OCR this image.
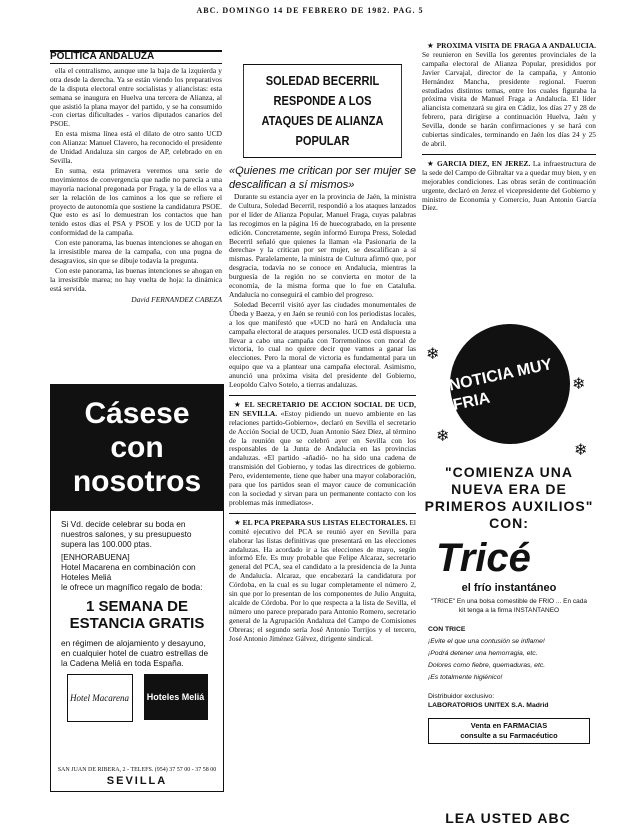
ABC. DOMINGO 14 DE FEBRERO DE 1982. PAG. 5
POLITICA ANDALUZA

ella el centralismo, aunque une la baja de la izquierda y otra desde la derecha. Ya se están viendo los preparativos de la disputa electoral entre socialistas y aliancistas: esta semana se inaugura en Huelva una tercera de Alianza, al que asistió la plana mayor del partido, y se ha consumido -con ciertas dificultades - varios diputados canarios del PSOE.

En esta misma línea está el dilato de otro santo UCD con Alianza: Manuel Clavero, ha reconocido el presidente de Unidad Andaluza sin cargos de AP, celebrado en en Sevilla.

En suma, esta primavera veremos una serie de movimientos de convergencia que nadie no parecía a una mayoría nacional pregonada por Fraga, y la de ellos va a ser la relación de los caminos a los que se refiere el proyecto de autonomía que sostiene la candidatura PSOE. Que esto es así lo demuestran los contactos que han tenido estos días el PSA y PSOE y los de UCD por la conformidad de la campaña.

Con este panorama, las buenas intenciones se ahogan en la irresistible marea de la campaña, con una pugna de desagravios, sin que se dibuje todavía la pregunta.

Con este panorama, las buenas intenciones se ahogan en la irresistible marea; no hay vuelta de hoja: la dinámica está servida.

David FERNANDEZ CABEZA
SOLEDAD BECERRIL RESPONDE A LOS ATAQUES DE ALIANZA POPULAR

«Quienes me critican por ser mujer se descalifican a sí mismos»

Durante su estancia ayer en la provincia de Jaén, la ministra de Cultura, Soledad Becerril, respondió a los ataques lanzados por el líder de Alianza Popular, Manuel Fraga, cuyas palabras las recogimos en la página 16 de huecograbado, en la presente edición. Concretamente, según informó Europa Press, Soledad Becerril señaló que quienes la llaman «la Pasionaria de la derecha» y la critican por ser mujer, se descalifican a sí mismas. Paralelamente, la ministra de Cultura afirmó que, por desgracia, todavía no se conoce en Andalucía, mientras la burguesía de la región no se convierta en motor de la economía, de la misma forma que lo fue en Cataluña. Andalucía no conseguirá el cambio del progreso.

Soledad Becerril visitó ayer las ciudades monumentales de Úbeda y Baeza, y en Jaén se reunió con los periodistas locales, a los que manifestó que «UCD no hará en Andalucía una campaña electoral de ataques personales. UCD está dispuesta a llevar a cabo una campaña con Torremolinos con moral de victoria, lo cual no quiere decir que vamos a ganar las elecciones. Pero la moral de victoria es fundamental para un equipo que va a plantear una campaña electoral. Asimismo, anunció una próxima visita del presidente del Gobierno, Leopoldo Calvo Sotelo, a tierras andaluzas.

★ EL SECRETARIO DE ACCION SOCIAL DE UCD, EN SEVILLA. «Estoy pidiendo un nuevo ambiente en las relaciones partido-Gobierno», declaró en Sevilla el secretario de Acción Social de UCD, Juan Antonio Sáez Díez, al término de la reunión que se celebró ayer en Sevilla con los responsables de la Junta de Andalucía en las provincias andaluzas. «El partido -añadió- no ha sido una cadena de transmisión del Gobierno, y todas las directrices de gobierno. Pero, evidentemente, tiene que haber una mayor colaboración, para que los partidos sean el mayor cauce de comunicación con la sociedad y sirvan para un permanente contacto con los problemas más inmediatos».

★ EL PCA PREPARA SUS LISTAS ELECTORALES. El comité ejecutivo del PCA se reunió ayer en Sevilla para elaborar las listas definitivas que presentará en las elecciones andaluzas. Ha acordado ir a las elecciones de mayo, según informó Efe. Es muy probable que Felipe Alcaraz, secretario general del PCA, sea el candidato a la presidencia de la Junta de Andalucía. Alcaraz, que encabezará la candidatura por Córdoba, en la cual es su lugar completamente el número 2, sin que por lo presentan de los componentes de Julio Anguita, alcalde de Córdoba. Por lo que respecta a la lista de Sevilla, el número uno parece preparado para Antonio Romero, secretario general de la Agrupación Andaluza del Campo de Comisiones Obreras; el segundo sería José Antonio Torrijos y el tercero, José Antonio Jiménez Gálvez, dirigente sindical.

★ PROXIMA VISITA DE FRAGA A ANDALUCIA. Se reunieron en Sevilla los gerentes provinciales de la campaña electoral de Alianza Popular, presididos por Javier Carvajal, director de la campaña, y Antonio Hernández Mancha, presidente regional. Fueron estudiados distintos temas, entre los cuales figuraba la próxima visita de Manuel Fraga a Andalucía. El líder aliancista comenzará su gira en Cádiz, los días 27 y 28 de febrero, para dirigirse a continuación Huelva, Jaén y Sevilla, donde se harán confirmaciones y se hará con cubiertas sindicales, terminando en Jaén los días 24 y 25 de abril.

★ GARCIA DIEZ, EN JEREZ. La infraestructura de la sede del Campo de Gibraltar va a quedar muy bien, y en mejorables condiciones. Las obras serán de continuación urgente, declaró en Jerez el vicepresidente del Gobierno y ministro de Economía y Comercio, Juan Antonio García Díez.

Cásese con nosotros
Si Vd. decide celebrar su boda en nuestros salones, y su presupuesto supera las 100.000 ptas.
[ENHORABUENA]
Hotel Macarena en combinación con Hoteles Meliá
le ofrece un magnífico regalo de boda:
1 SEMANA DE ESTANCIA GRATIS
en régimen de alojamiento y desayuno, en cualquier hotel de cuatro estrellas de la Cadena Meliá en toda España.
Hotel Macarena	Hoteles Meliá
SAN JUAN DE RIBERA, 2 - TELEFS. (954) 37 57 00 - 37 58 00
SEVILLA
❄
❄
❄
❄
NOTICIA MUY FRIA
"COMIENZA UNA NUEVA ERA DE PRIMEROS AUXILIOS" CON:
Tricé
el frío instantáneo
"TRICE" En una bolsa comestible de FRIO ... En cada kit tenga a la firma INSTANTANEO
CON TRICE
¡Evite el que una contusión se inflame!
¡Podrá detener una hemorragia, etc.
Dolores como fiebre, quemaduras, etc.
¡Es totalmente higiénico!
Distribuidor exclusivo:
LABORATORIOS UNITEX S.A. Madrid
Venta en FARMACIAS
consulte a su Farmacéutico
LEA USTED ABC
